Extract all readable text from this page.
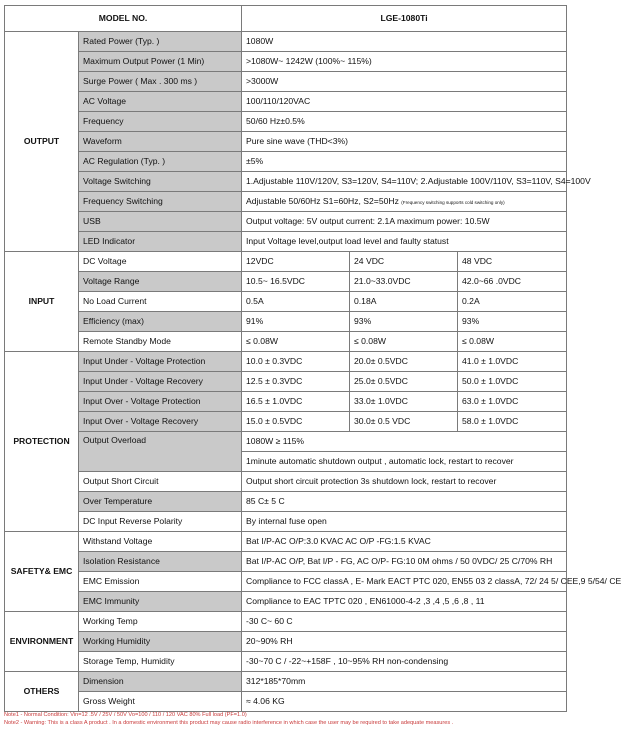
MODEL NO.		LGE-1080Ti		
OUTPUT	Rated Power (Typ. )	1080W		
	Maximum Output Power (1 Min)	>1080W~ 1242W (100%~ 115%)		
	Surge Power ( Max . 300 ms )	>3000W		
	AC Voltage	100/110/120VAC		
	Frequency	50/60 Hz±0.5%		
	Waveform	Pure sine wave (THD<3%)		
	AC Regulation (Typ. )	±5%		
	Voltage Switching	1.Adjustable 110V/120V, S3=120V, S4=110V; 2.Adjustable 100V/110V, S3=110V, S4=100V		
	Frequency Switching	Adjustable 50/60Hz S1=60Hz, S2=50Hz (Frequency switching supports cold switching only)		
	USB	Output voltage: 5V output current: 2.1A maximum power: 10.5W		
	LED Indicator	Input Voltage level,output load level and faulty statust		
INPUT	DC Voltage	12VDC	24 VDC	48 VDC
	Voltage Range	10.5~ 16.5VDC	21.0~33.0VDC	42.0~66 .0VDC
	No Load Current	0.5A	0.18A	0.2A
	Efficiency (max)	91%	93%	93%
	Remote Standby Mode	≤ 0.08W	≤ 0.08W	≤ 0.08W
PROTECTION	Input Under - Voltage Protection	10.0 ± 0.3VDC	20.0± 0.5VDC	41.0 ± 1.0VDC
	Input Under - Voltage Recovery	12.5 ± 0.3VDC	25.0± 0.5VDC	50.0 ± 1.0VDC
	Input Over - Voltage Protection	16.5 ± 1.0VDC	33.0± 1.0VDC	63.0 ± 1.0VDC
	Input Over - Voltage Recovery	15.0 ± 0.5VDC	30.0± 0.5 VDC	58.0 ± 1.0VDC
	Output Overload	1080W ≥ 115%		
		1minute automatic shutdown output , automatic lock, restart to recover		
	Output Short Circuit	Output short circuit protection 3s shutdown lock, restart to recover		
	Over Temperature	85 C± 5 C		
	DC Input Reverse Polarity	By internal fuse open		
SAFETY& EMC	Withstand Voltage	Bat I/P-AC O/P:3.0 KVAC AC O/P -FG:1.5 KVAC		
	Isolation Resistance	Bat I/P-AC O/P, Bat I/P - FG, AC O/P- FG:10 0M ohms / 50 0VDC/ 25 C/70% RH		
	EMC Emission	Compliance to FCC classA , E- Mark EACT PTC 020, EN55 03 2 classA, 72/ 24 5/ CEE,9 5/54/ CE		
	EMC Immunity	Compliance to EAC TPTC 020 , EN61000-4-2 ,3 ,4 ,5 ,6 ,8 , 11		
ENVIRONMENT	Working Temp	-30 C~ 60 C		
	Working Humidity	20~90% RH		
	Storage Temp, Humidity	-30~70 C / -22~+158F , 10~95% RH non-condensing		
OTHERS	Dimension	312*185*70mm		
	Gross Weight	≈ 4.06 KG		
Note1 - Normal Condition: Vin=12 .5V / 25V / 50V Vo=100 / 110 / 120 VAC 80% Full load (PF=1.0)
Note2 - Warning: This is a class A product . In a domestic environment this product may cause radio interference in which case the user may be required to take adequate measures .
